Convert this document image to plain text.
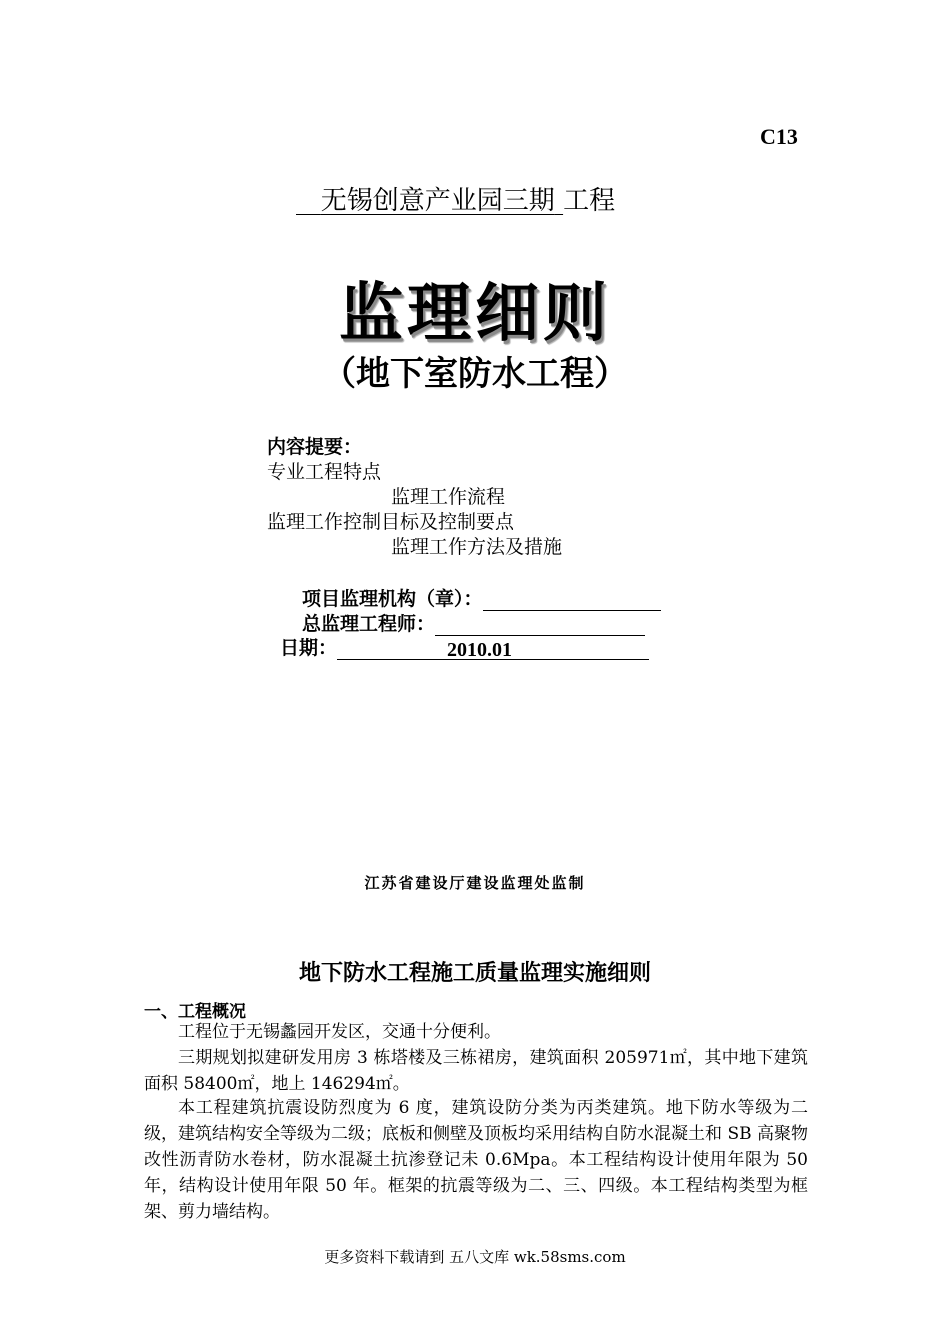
C13
无锡创意产业园三期 工程
监理细则
（地下室防水工程）
内容提要：
专业工程特点
监理工作流程
监理工作控制目标及控制要点
监理工作方法及措施
项目监理机构（章）：
总监理工程师：
日期：	2010.01
江苏省建设厅建设监理处监制
地下防水工程施工质量监理实施细则
一、工程概况
工程位于无锡蠡园开发区，交通十分便利。
三期规划拟建研发用房 3 栋塔楼及三栋裙房，建筑面积 205971㎡，其中地下建筑面积 58400㎡，地上 146294㎡。
本工程建筑抗震设防烈度为 6 度，建筑设防分类为丙类建筑。地下防水等级为二级，建筑结构安全等级为二级；底板和侧壁及顶板均采用结构自防水混凝土和 SB 高聚物改性沥青防水卷材，防水混凝土抗渗登记未 0.6Mpa。本工程结构设计使用年限为 50 年，结构设计使用年限 50 年。框架的抗震等级为二、三、四级。本工程结构类型为框架、剪力墙结构。
更多资料下载请到 五八文库 wk.58sms.com
